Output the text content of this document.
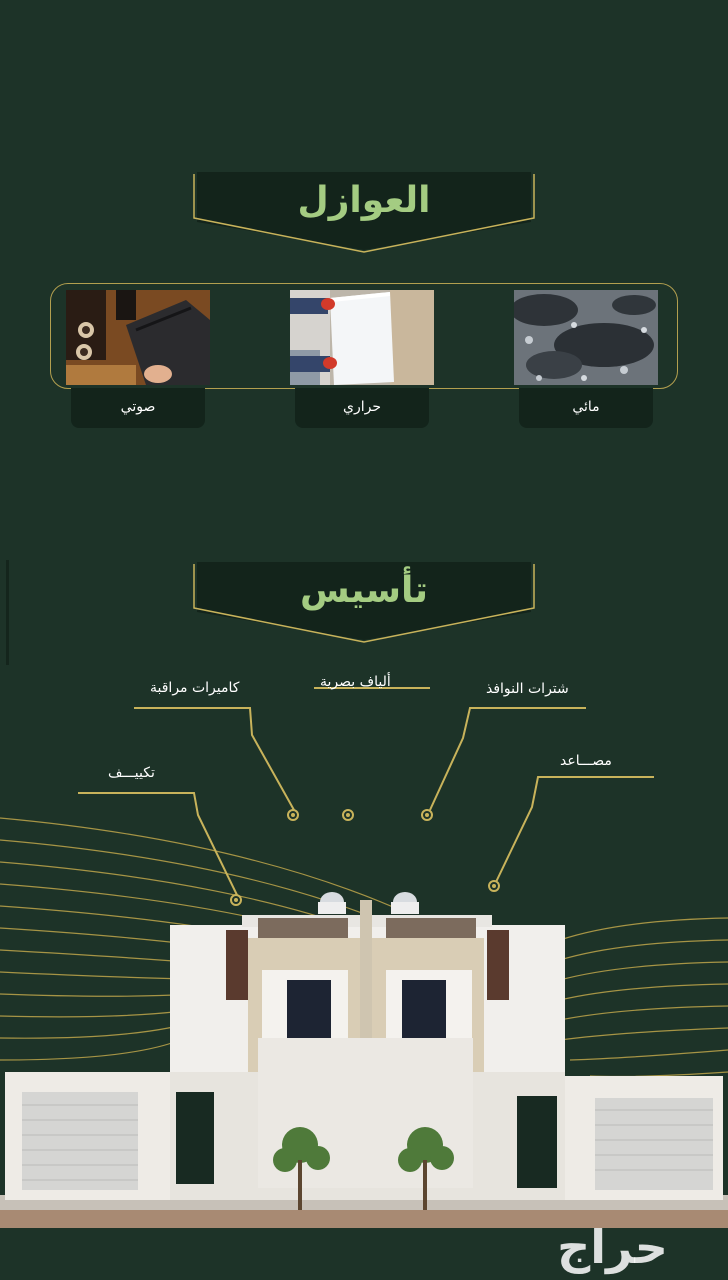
العوازل
صوتي	حراري	مائي
تأسيس
كاميرات مراقبة	ألياف بصرية	شترات النوافذ
تكييـــف
مصـــاعد
حراج
